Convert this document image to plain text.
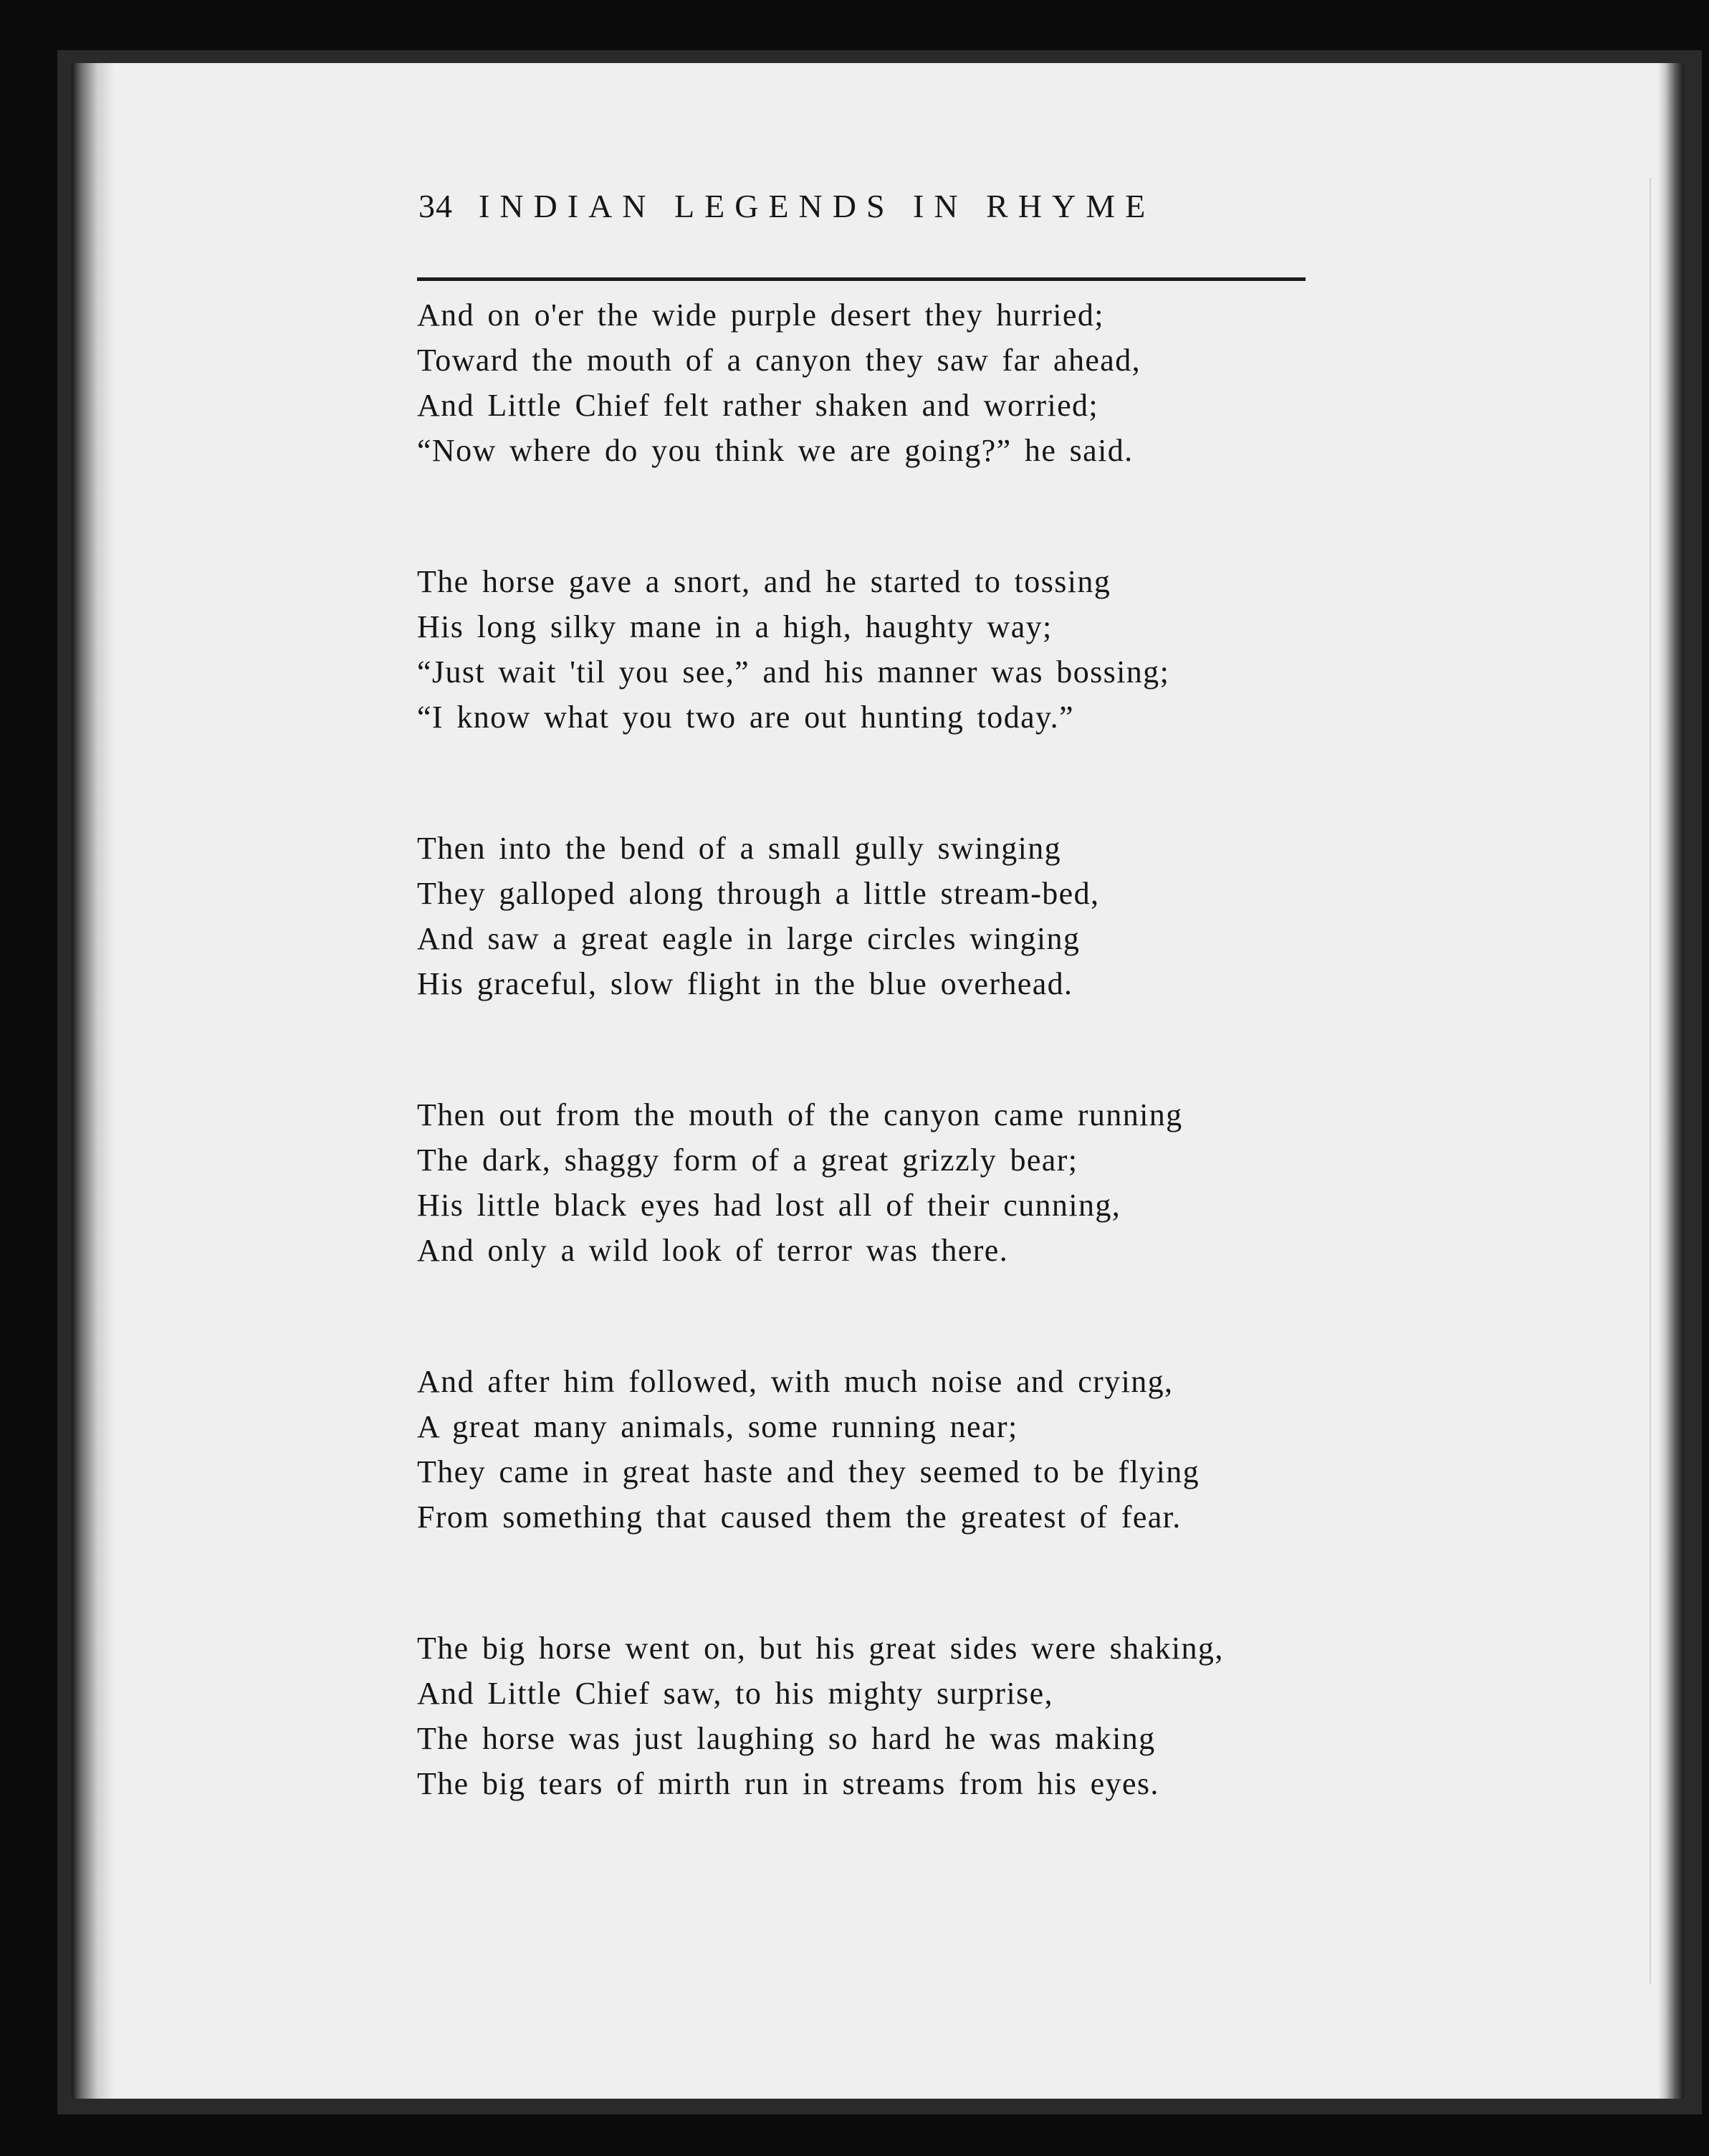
34 INDIAN LEGENDS IN RHYME
And on o'er the wide purple desert they hurried;
Toward the mouth of a canyon they saw far ahead,
And Little Chief felt rather shaken and worried;
“Now where do you think we are going?” he said.
The horse gave a snort, and he started to tossing
His long silky mane in a high, haughty way;
“Just wait 'til you see,” and his manner was bossing;
“I know what you two are out hunting today.”
Then into the bend of a small gully swinging
They galloped along through a little stream-bed,
And saw a great eagle in large circles winging
His graceful, slow flight in the blue overhead.
Then out from the mouth of the canyon came running
The dark, shaggy form of a great grizzly bear;
His little black eyes had lost all of their cunning,
And only a wild look of terror was there.
And after him followed, with much noise and crying,
A great many animals, some running near;
They came in great haste and they seemed to be flying
From something that caused them the greatest of fear.
The big horse went on, but his great sides were shaking,
And Little Chief saw, to his mighty surprise,
The horse was just laughing so hard he was making
The big tears of mirth run in streams from his eyes.
